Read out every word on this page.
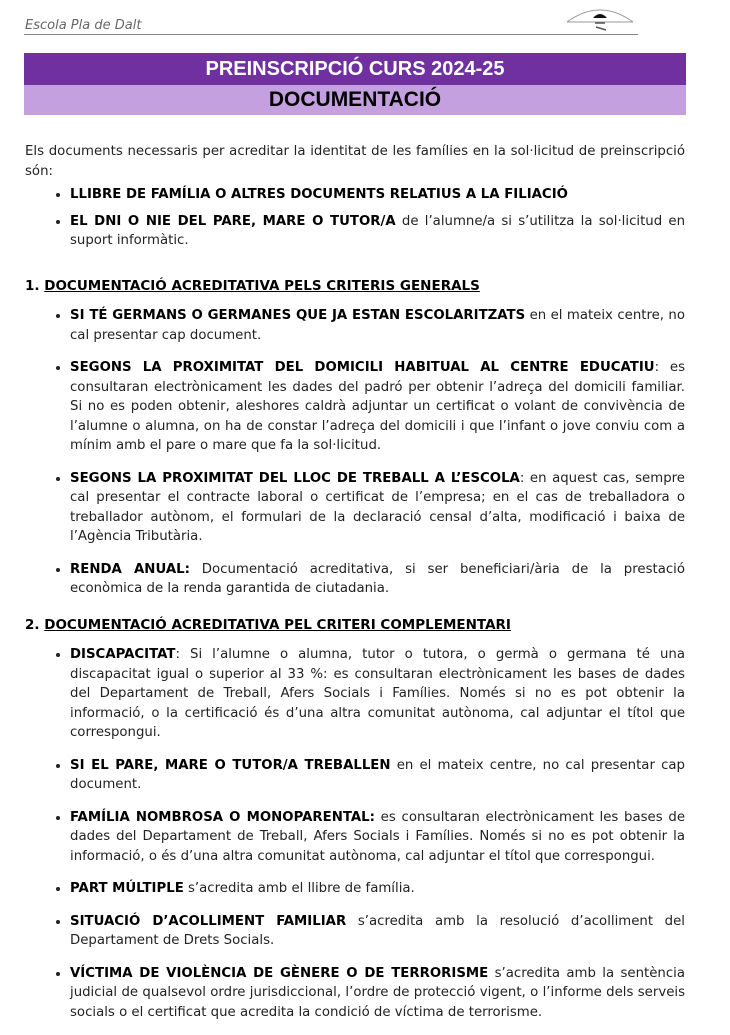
Escola Pla de Dalt
PREINSCRIPCIÓ CURS 2024-25
DOCUMENTACIÓ

Els documents necessaris per acreditar la identitat de les famílies en la sol·licitud de preinscripció són:

• LLIBRE DE FAMÍLIA O ALTRES DOCUMENTS RELATIUS A LA FILIACIÓ
• EL DNI O NIE DEL PARE, MARE O TUTOR/A de l’alumne/a si s’utilitza la sol·licitud en suport informàtic.
1. DOCUMENTACIÓ ACREDITATIVA PELS CRITERIS GENERALS
• SI TÉ GERMANS O GERMANES QUE JA ESTAN ESCOLARITZATS en el mateix centre, no cal presentar cap document.
• SEGONS LA PROXIMITAT DEL DOMICILI HABITUAL AL CENTRE EDUCATIU: es consultaran electrònicament les dades del padró per obtenir l’adreça del domicili familiar. Si no es poden obtenir, aleshores caldrà adjuntar un certificat o volant de convivència de l’alumne o alumna, on ha de constar l’adreça del domicili i que l’infant o jove conviu com a mínim amb el pare o mare que fa la sol·licitud.
• SEGONS LA PROXIMITAT DEL LLOC DE TREBALL A L’ESCOLA: en aquest cas, sempre cal presentar el contracte laboral o certificat de l’empresa; en el cas de treballadora o treballador autònom, el formulari de la declaració censal d’alta, modificació i baixa de l’Agència Tributària.
• RENDA ANUAL: Documentació acreditativa, si ser beneficiari/ària de la prestació econòmica de la renda garantida de ciutadania.
2. DOCUMENTACIÓ ACREDITATIVA PEL CRITERI COMPLEMENTARI
• DISCAPACITAT: Si l’alumne o alumna, tutor o tutora, o germà o germana té una discapacitat igual o superior al 33 %: es consultaran electrònicament les bases de dades del Departament de Treball, Afers Socials i Famílies. Només si no es pot obtenir la informació, o la certificació és d’una altra comunitat autònoma, cal adjuntar el títol que correspongui.
• SI EL PARE, MARE O TUTOR/A TREBALLEN en el mateix centre, no cal presentar cap document.
• FAMÍLIA NOMBROSA O MONOPARENTAL: es consultaran electrònicament les bases de dades del Departament de Treball, Afers Socials i Famílies. Només si no es pot obtenir la informació, o és d’una altra comunitat autònoma, cal adjuntar el títol que correspongui.
• PART MÚLTIPLE s’acredita amb el llibre de família.
• SITUACIÓ D’ACOLLIMENT FAMILIAR s’acredita amb la resolució d’acolliment del Departament de Drets Socials.
• VÍCTIMA DE VIOLÈNCIA DE GÈNERE O DE TERRORISME s’acredita amb la sentència judicial de qualsevol ordre jurisdiccional, l’ordre de protecció vigent, o l’informe dels serveis socials o el certificat que acredita la condició de víctima de terrorisme.
